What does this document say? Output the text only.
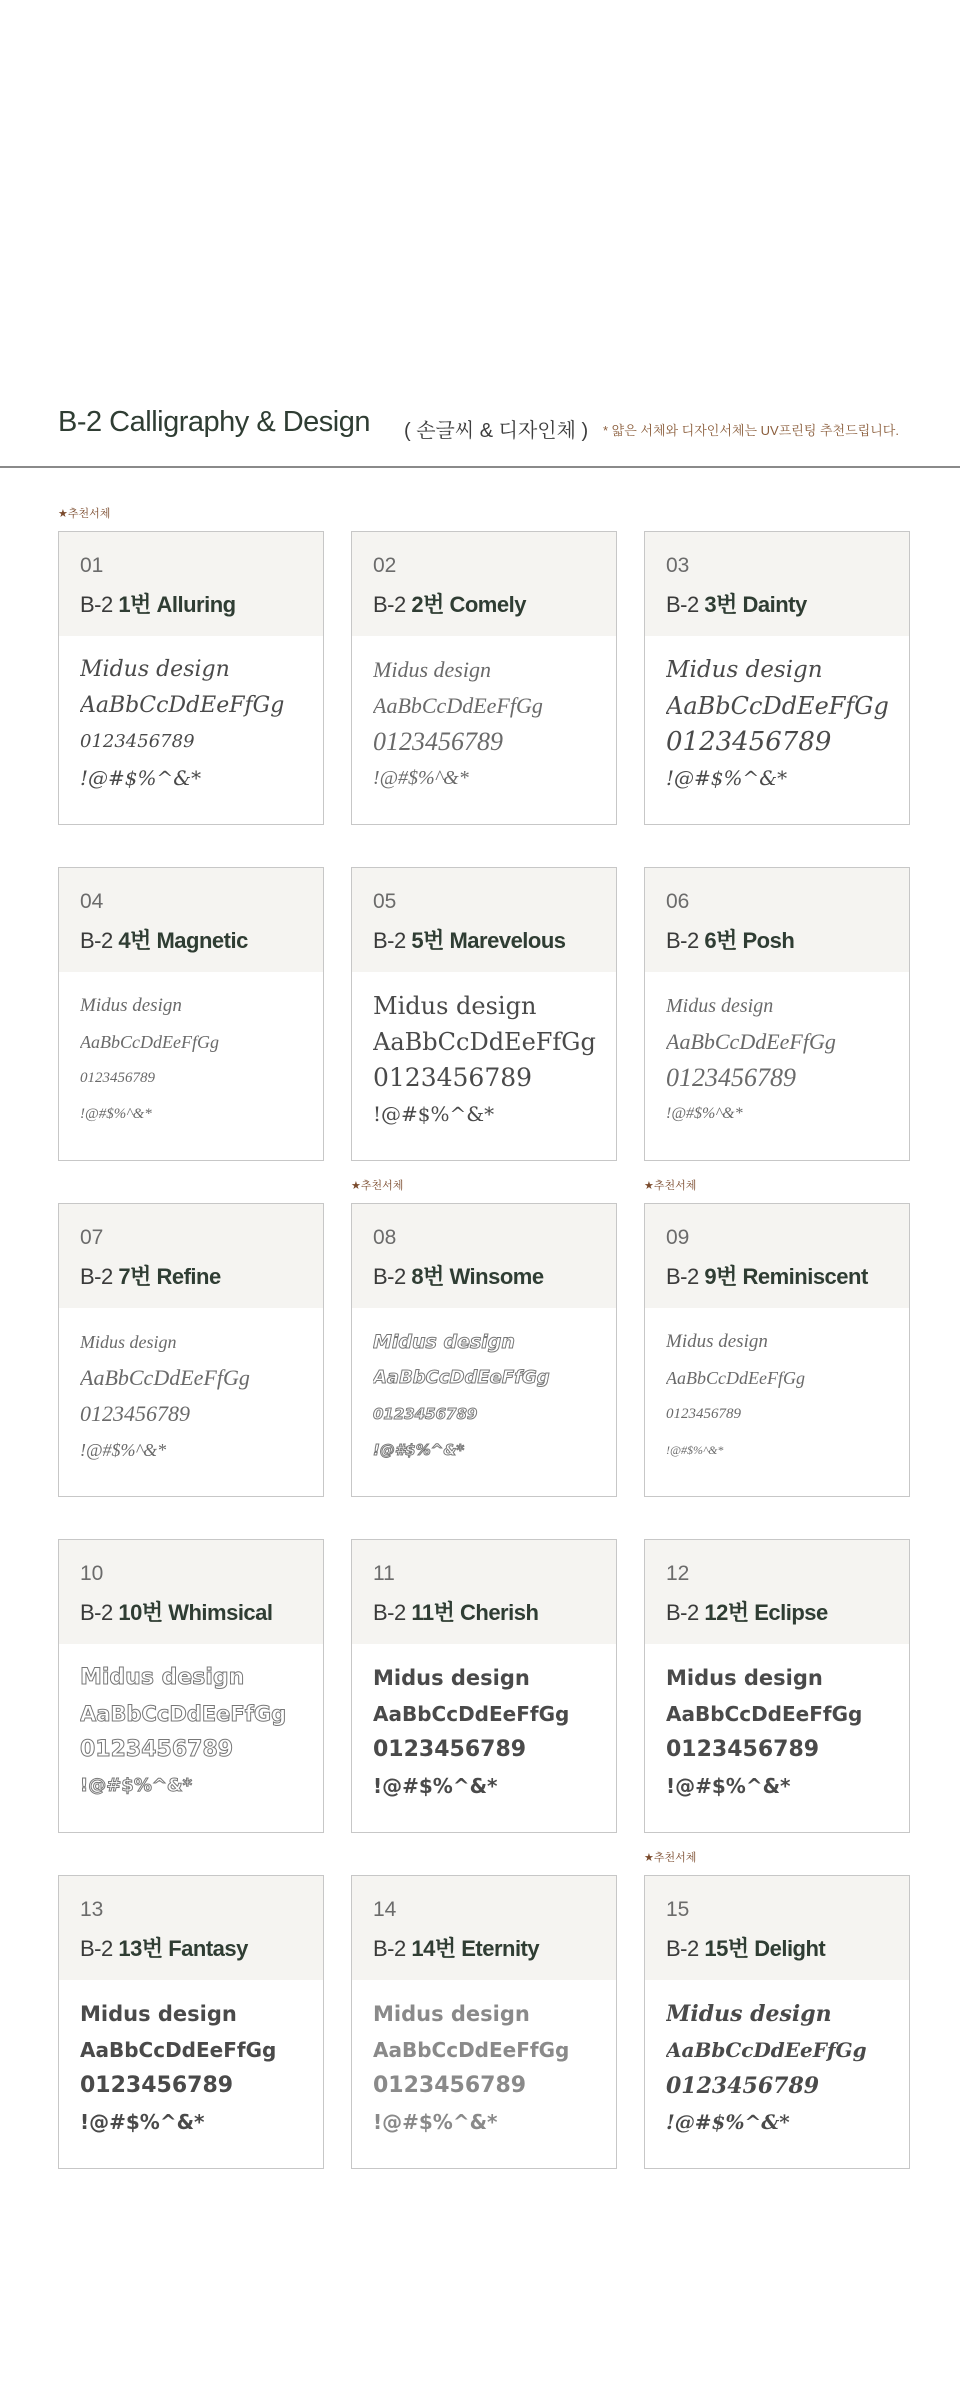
B-2 Calligraphy & Design ( 손글씨 & 디자인체 ) * 얇은 서체와 디자인서체는 UV프린팅 추천드립니다.
★추천서체
★추천서체	★추천서체
★추천서체
01
B-2 1번 Alluring
Midus design
AaBbCcDdEeFfGg
0123456789
!@#$%^&*
02
B-2 2번 Comely
Midus design
AaBbCcDdEeFfGg
0123456789
!@#$%^&*
03
B-2 3번 Dainty
Midus design
AaBbCcDdEeFfGg
0123456789
!@#$%^&*
04
B-2 4번 Magnetic
Midus design
AaBbCcDdEeFfGg
0123456789
!@#$%^&*
05
B-2 5번 Marevelous
Midus design
AaBbCcDdEeFfGg
0123456789
!@#$%^&*
06
B-2 6번 Posh
Midus design
AaBbCcDdEeFfGg
0123456789
!@#$%^&*
07
B-2 7번 Refine
Midus design
AaBbCcDdEeFfGg
0123456789
!@#$%^&*
08
B-2 8번 Winsome
Midus design
AaBbCcDdEeFfGg
0123456789
!@#$%^&*
09
B-2 9번 Reminiscent
Midus design
AaBbCcDdEeFfGg
0123456789
!@#$%^&*
10
B-2 10번 Whimsical
Midus design
AaBbCcDdEeFfGg
0123456789
!@#$%^&*
11
B-2 11번 Cherish
Midus design
AaBbCcDdEeFfGg
0123456789
!@#$%^&*
12
B-2 12번 Eclipse
Midus design
AaBbCcDdEeFfGg
0123456789
!@#$%^&*
13
B-2 13번 Fantasy
Midus design
AaBbCcDdEeFfGg
0123456789
!@#$%^&*
14
B-2 14번 Eternity
Midus design
AaBbCcDdEeFfGg
0123456789
!@#$%^&*
15
B-2 15번 Delight
Midus design
AaBbCcDdEeFfGg
0123456789
!@#$%^&*
